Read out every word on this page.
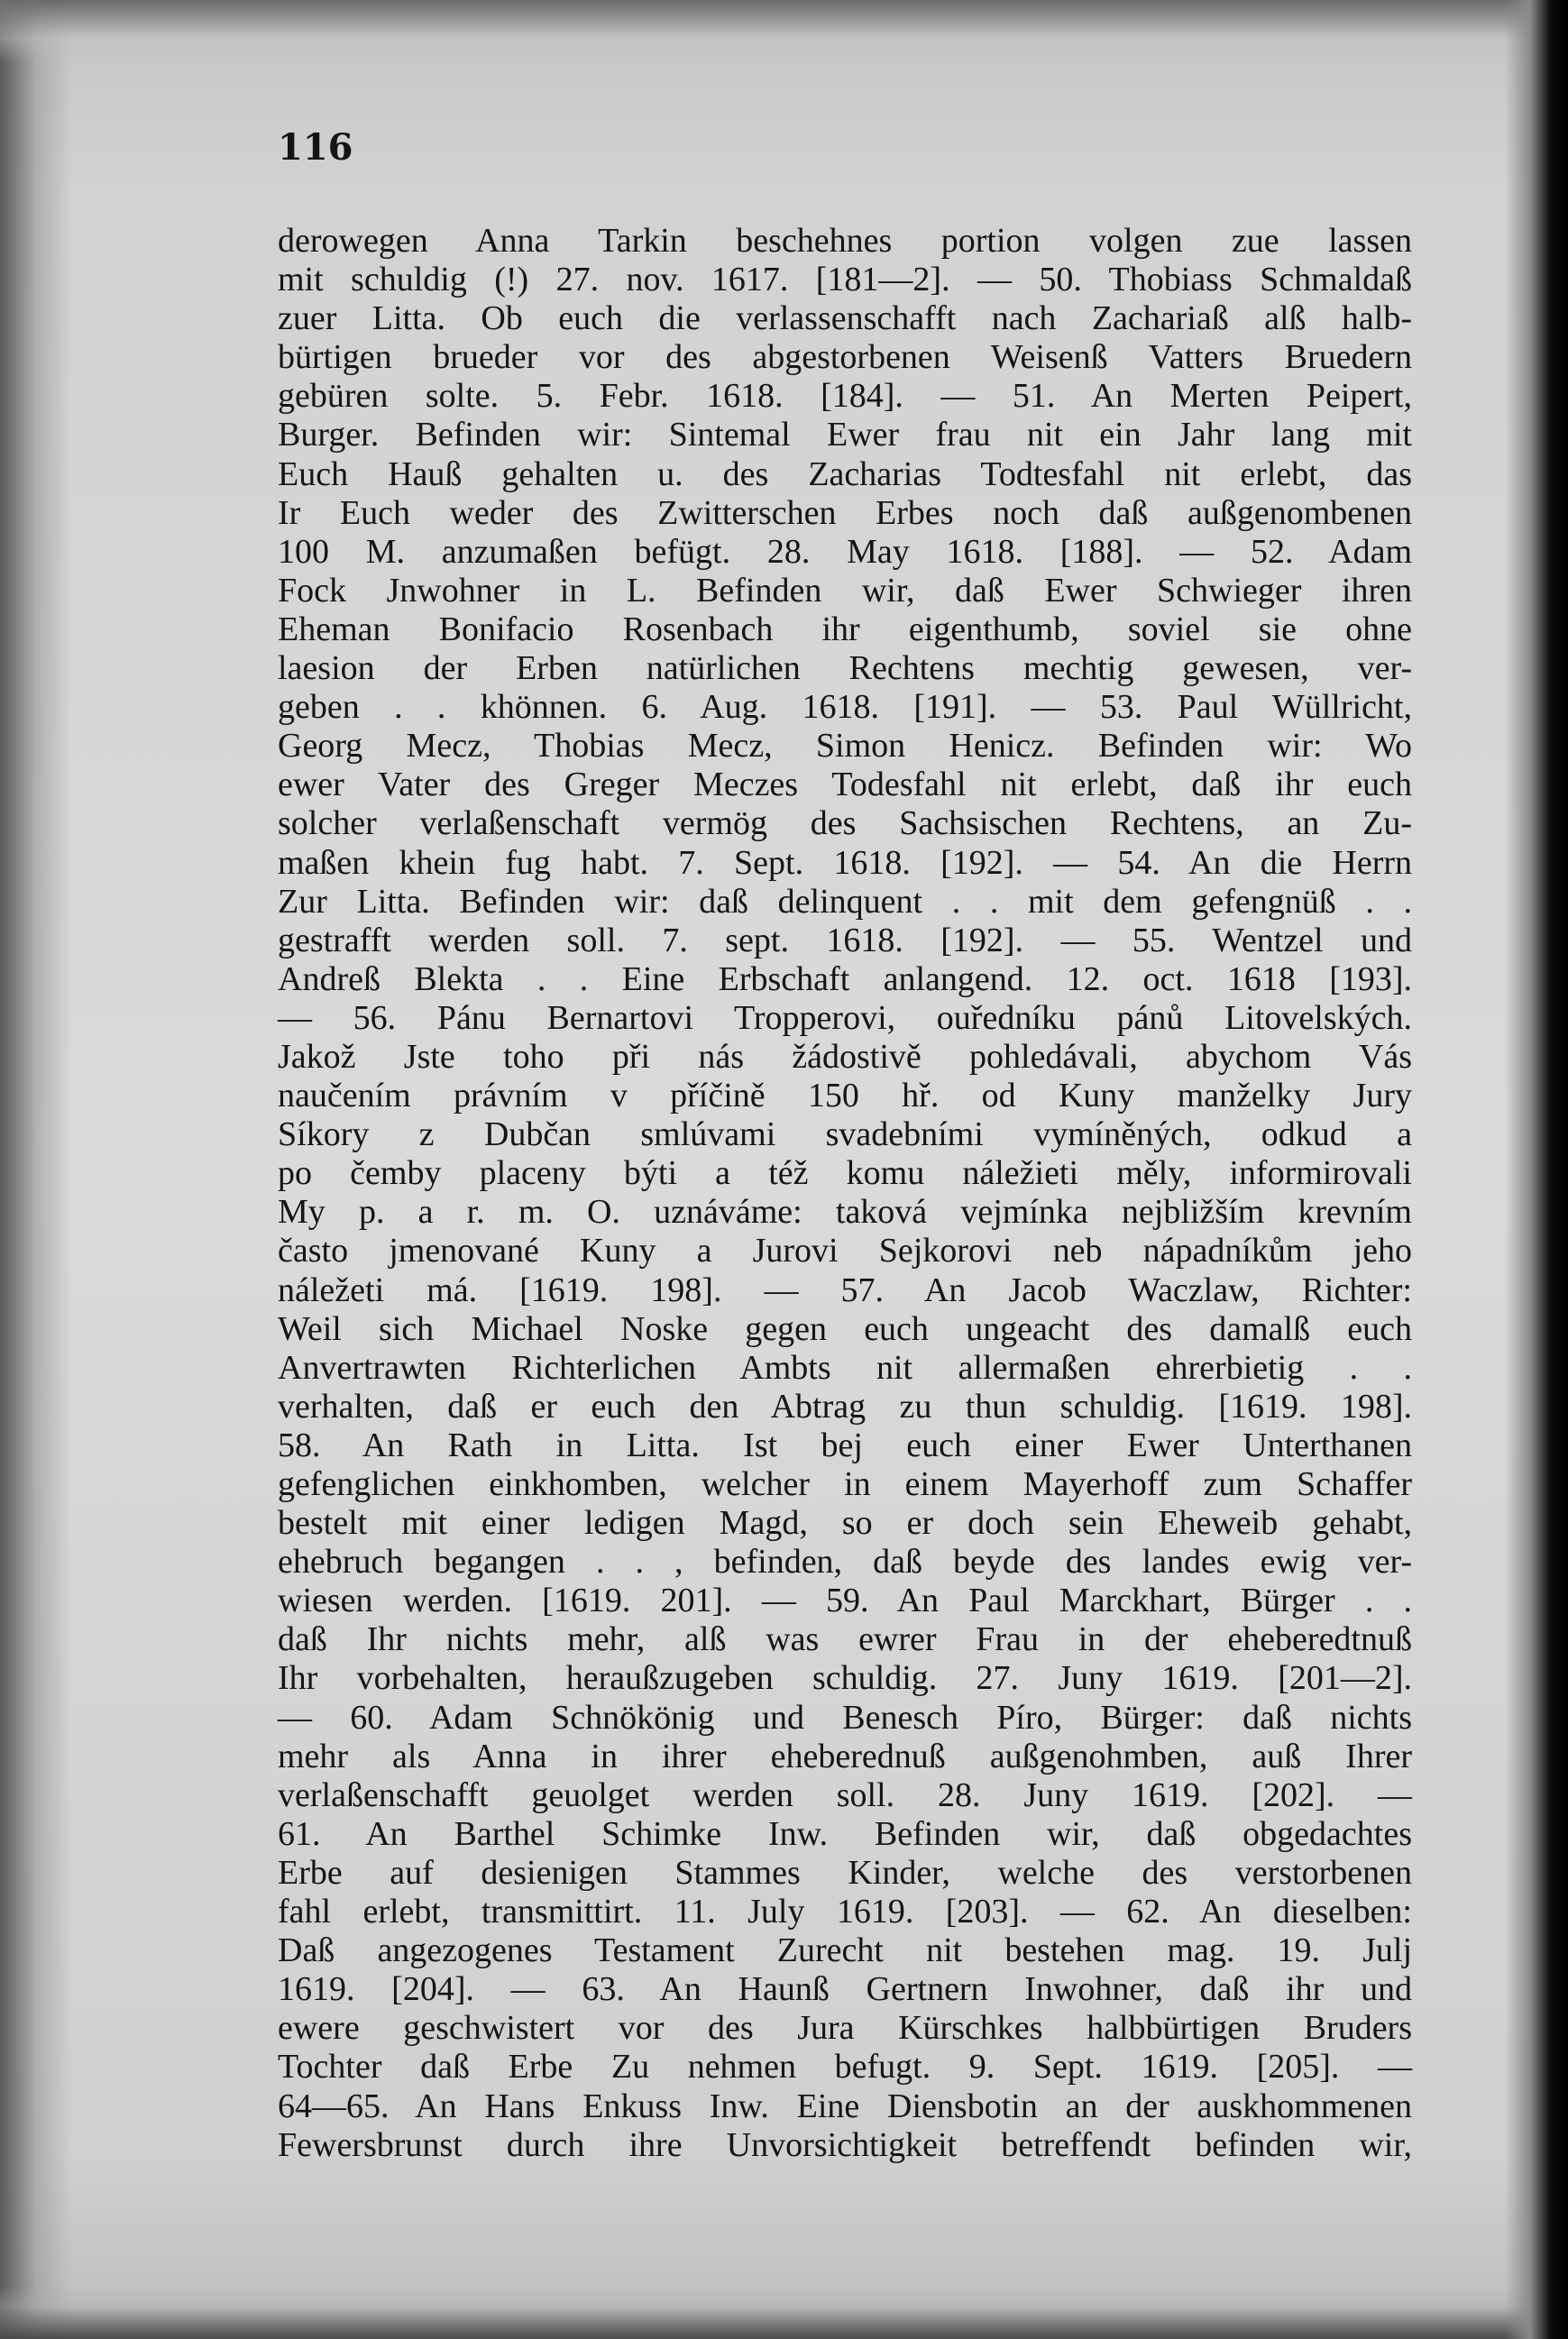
116
derowegen Anna Tarkin beschehnes portion volgen zue lassen
mit schuldig (!) 27. nov. 1617. [181—2]. — 50. Thobiass Schmaldaß
zuer Litta. Ob euch die verlassenschafft nach Zachariaß alß halb-
bürtigen brueder vor des abgestorbenen Weisenß Vatters Bruedern
gebüren solte. 5. Febr. 1618. [184]. — 51. An Merten Peipert,
Burger. Befinden wir: Sintemal Ewer frau nit ein Jahr lang mit
Euch Hauß gehalten u. des Zacharias Todtesfahl nit erlebt, das
Ir Euch weder des Zwitterschen Erbes noch daß außgenombenen
100 M. anzumaßen befügt. 28. May 1618. [188]. — 52. Adam
Fock Jnwohner in L. Befinden wir, daß Ewer Schwieger ihren
Eheman Bonifacio Rosenbach ihr eigenthumb, soviel sie ohne
laesion der Erben natürlichen Rechtens mechtig gewesen, ver-
geben . . khönnen. 6. Aug. 1618. [191]. — 53. Paul Wüllricht,
Georg Mecz, Thobias Mecz, Simon Henicz. Befinden wir: Wo
ewer Vater des Greger Meczes Todesfahl nit erlebt, daß ihr euch
solcher verlaßenschaft vermög des Sachsischen Rechtens, an Zu-
maßen khein fug habt. 7. Sept. 1618. [192]. — 54. An die Herrn
Zur Litta. Befinden wir: daß delinquent . . mit dem gefengnüß . .
gestrafft werden soll. 7. sept. 1618. [192]. — 55. Wentzel und
Andreß Blekta . . Eine Erbschaft anlangend. 12. oct. 1618 [193].
— 56. Pánu Bernartovi Tropperovi, ouředníku pánů Litovelských.
Jakož Jste toho při nás žádostivě pohledávali, abychom Vás
naučením právním v příčině 150 hř. od Kuny manželky Jury
Síkory z Dubčan smlúvami svadebními vymíněných, odkud a
po čemby placeny býti a též komu náležieti měly, informirovali
My p. a r. m. O. uznáváme: taková vejmínka nejbližším krevním
často jmenované Kuny a Jurovi Sejkorovi neb nápadníkům jeho
náležeti má. [1619. 198]. — 57. An Jacob Waczlaw, Richter:
Weil sich Michael Noske gegen euch ungeacht des damalß euch
Anvertrawten Richterlichen Ambts nit allermaßen ehrerbietig . .
verhalten, daß er euch den Abtrag zu thun schuldig. [1619. 198].
58. An Rath in Litta. Ist bej euch einer Ewer Unterthanen
gefenglichen einkhomben, welcher in einem Mayerhoff zum Schaffer
bestelt mit einer ledigen Magd, so er doch sein Eheweib gehabt,
ehebruch begangen . . , befinden, daß beyde des landes ewig ver-
wiesen werden. [1619. 201]. — 59. An Paul Marckhart, Bürger . .
daß Ihr nichts mehr, alß was ewrer Frau in der eheberedtnuß
Ihr vorbehalten, heraußzugeben schuldig. 27. Juny 1619. [201—2].
— 60. Adam Schnökönig und Benesch Píro, Bürger: daß nichts
mehr als Anna in ihrer eheberednuß außgenohmben, auß Ihrer
verlaßenschafft geuolget werden soll. 28. Juny 1619. [202]. —
61. An Barthel Schimke Inw. Befinden wir, daß obgedachtes
Erbe auf desienigen Stammes Kinder, welche des verstorbenen
fahl erlebt, transmittirt. 11. July 1619. [203]. — 62. An dieselben:
Daß angezogenes Testament Zurecht nit bestehen mag. 19. Julj
1619. [204]. — 63. An Haunß Gertnern Inwohner, daß ihr und
ewere geschwistert vor des Jura Kürschkes halbbürtigen Bruders
Tochter daß Erbe Zu nehmen befugt. 9. Sept. 1619. [205]. —
64—65. An Hans Enkuss Inw. Eine Diensbotin an der auskhommenen
Fewersbrunst durch ihre Unvorsichtigkeit betreffendt befinden wir,
